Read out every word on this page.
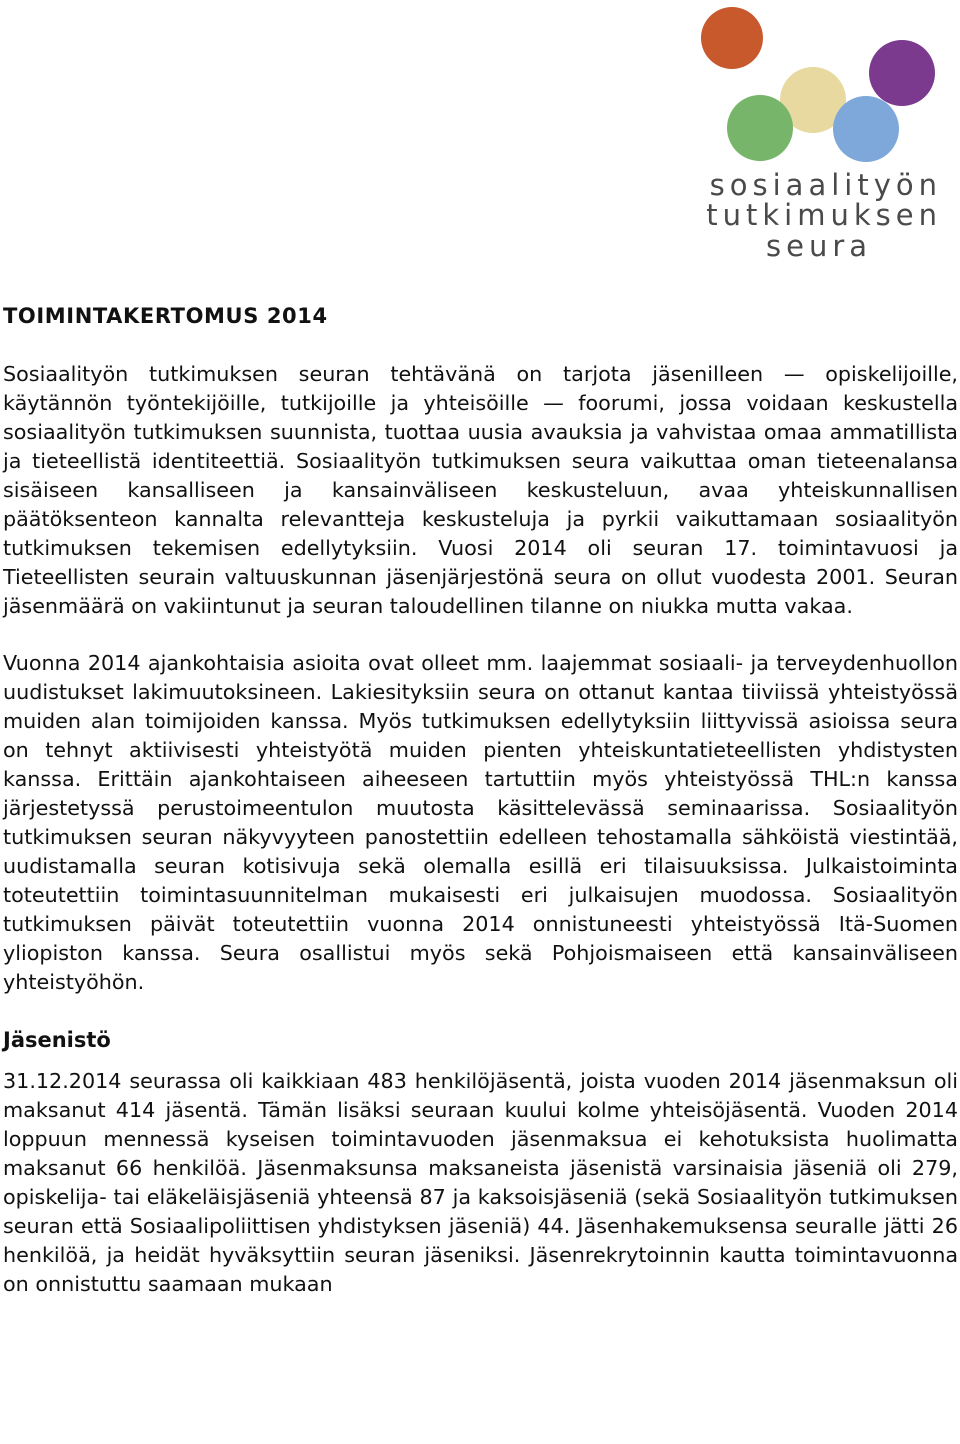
sosiaalityön
tutkimuksen
seura
TOIMINTAKERTOMUS 2014

Sosiaalityön tutkimuksen seuran tehtävänä on tarjota jäsenilleen — opiskelijoille, käytännön työntekijöille, tutkijoille ja yhteisöille — foorumi, jossa voidaan keskustella sosiaalityön tutkimuksen suunnista, tuottaa uusia avauksia ja vahvistaa omaa ammatillista ja tieteellistä identiteettiä. Sosiaalityön tutkimuksen seura vaikuttaa oman tieteenalansa sisäiseen kansalliseen ja kansainväliseen keskusteluun, avaa yhteiskunnallisen päätöksenteon kannalta relevantteja keskusteluja ja pyrkii vaikuttamaan sosiaalityön tutkimuksen tekemisen edellytyksiin. Vuosi 2014 oli seuran 17. toimintavuosi ja Tieteellisten seurain valtuuskunnan jäsenjärjestönä seura on ollut vuodesta 2001. Seuran jäsenmäärä on vakiintunut ja seuran taloudellinen tilanne on niukka mutta vakaa.

Vuonna 2014 ajankohtaisia asioita ovat olleet mm. laajemmat sosiaali- ja terveydenhuollon uudistukset lakimuutoksineen. Lakiesityksiin seura on ottanut kantaa tiiviissä yhteistyössä muiden alan toimijoiden kanssa. Myös tutkimuksen edellytyksiin liittyvissä asioissa seura on tehnyt aktiivisesti yhteistyötä muiden pienten yhteiskuntatieteellisten yhdistysten kanssa. Erittäin ajankohtaiseen aiheeseen tartuttiin myös yhteistyössä THL:n kanssa järjestetyssä perustoimeentulon muutosta käsittelevässä seminaarissa. Sosiaalityön tutkimuksen seuran näkyvyyteen panostettiin edelleen tehostamalla sähköistä viestintää, uudistamalla seuran kotisivuja sekä olemalla esillä eri tilaisuuksissa. Julkaistoiminta toteutettiin toimintasuunnitelman mukaisesti eri julkaisujen muodossa. Sosiaalityön tutkimuksen päivät toteutettiin vuonna 2014 onnistuneesti yhteistyössä Itä-Suomen yliopiston kanssa. Seura osallistui myös sekä Pohjoismaiseen että kansainväliseen yhteistyöhön.

Jäsenistö

31.12.2014 seurassa oli kaikkiaan 483 henkilöjäsentä, joista vuoden 2014 jäsenmaksun oli maksanut 414 jäsentä. Tämän lisäksi seuraan kuului kolme yhteisöjäsentä. Vuoden 2014 loppuun mennessä kyseisen toimintavuoden jäsenmaksua ei kehotuksista huolimatta maksanut 66 henkilöä. Jäsenmaksunsa maksaneista jäsenistä varsinaisia jäseniä oli 279, opiskelija- tai eläkeläisjäseniä yhteensä 87 ja kaksoisjäseniä (sekä Sosiaalityön tutkimuksen seuran että Sosiaalipoliittisen yhdistyksen jäseniä) 44. Jäsenhakemuksensa seuralle jätti 26 henkilöä, ja heidät hyväksyttiin seuran jäseniksi. Jäsenrekrytoinnin kautta toimintavuonna on onnistuttu saamaan mukaan
